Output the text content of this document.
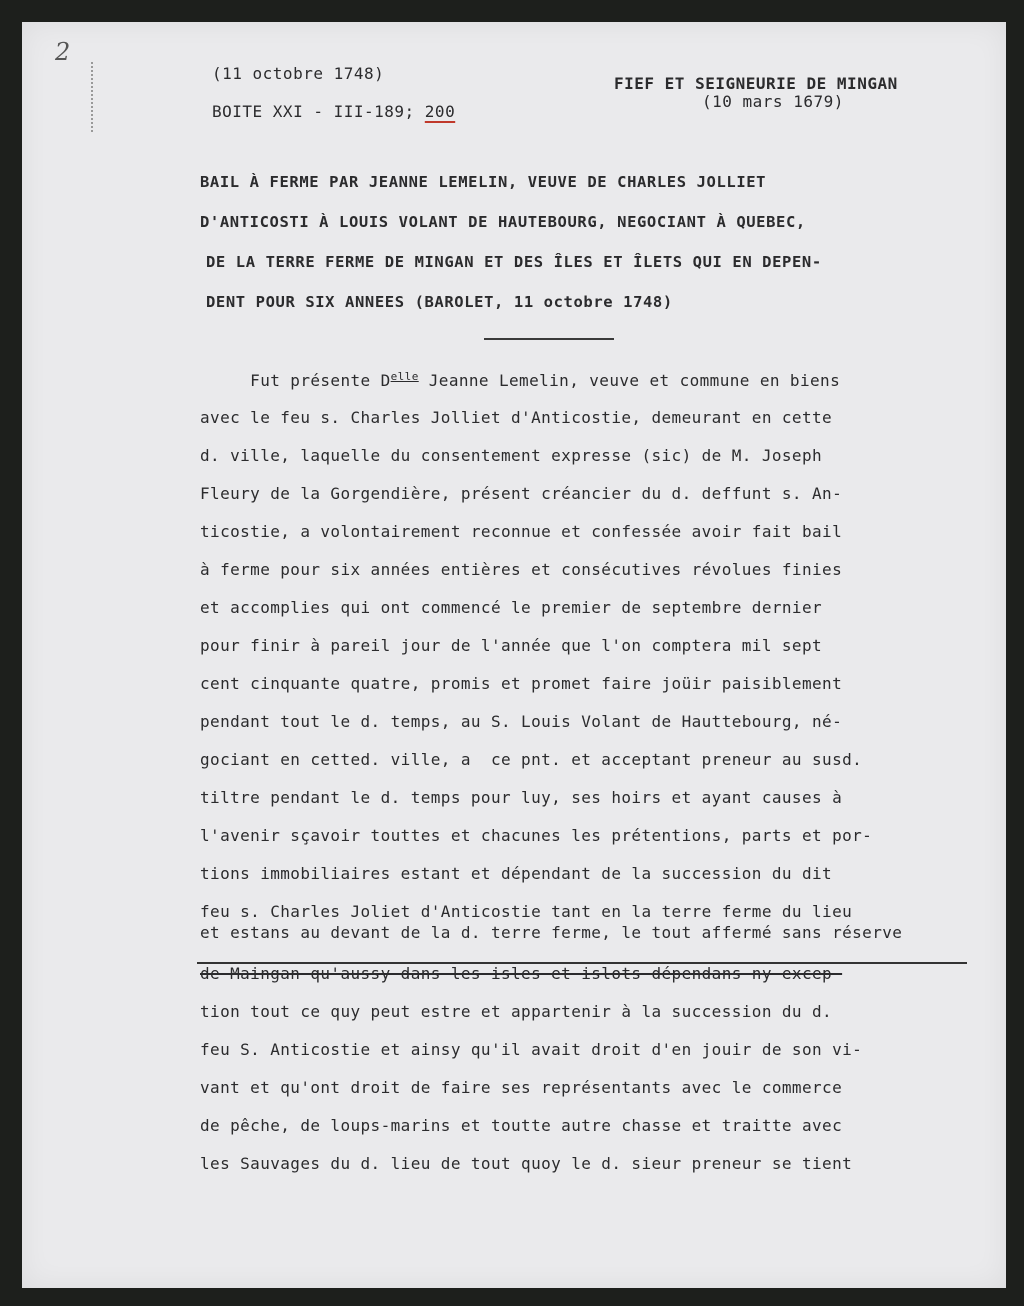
2
(11 octobre 1748)
BOITE XXI - III-189; 200
FIEF ET SEIGNEURIE DE MINGAN
(10 mars 1679)
BAIL À FERME PAR JEANNE LEMELIN, VEUVE DE CHARLES JOLLIET
D'ANTICOSTI À LOUIS VOLANT DE HAUTEBOURG, NEGOCIANT À QUEBEC,
DE LA TERRE FERME DE MINGAN ET DES ÎLES ET ÎLETS QUI EN DEPEN-
DENT POUR SIX ANNEES (BAROLET, 11 octobre 1748)
Fut présente $D^{elle}$ Jeanne Lemelin, veuve et commune en biens
avec le feu s. Charles Jolliet d'Anticostie, demeurant en cette
d. ville, laquelle du consentement expresse (sic) de M. Joseph
Fleury de la Gorgendière, présent créancier du d. deffunt s. An-
ticostie, a volontairement reconnue et confessée avoir fait bail
à ferme pour six années entières et consécutives révolues finies
et accomplies qui ont commencé le premier de septembre dernier
pour finir à pareil jour de l'année que l'on comptera mil sept
cent cinquante quatre, promis et promet faire joüir paisiblement
pendant tout le d. temps, au S. Louis Volant de Hauttebourg, né-
gociant en cetted. ville, a  ce pnt. et acceptant preneur au susd.
tiltre pendant le d. temps pour luy, ses hoirs et ayant causes à
l'avenir sçavoir touttes et chacunes les prétentions, parts et por-
tions immobiliaires estant et dépendant de la succession du dit
feu s. Charles Joliet d'Anticostie tant en la terre ferme du lieu
et estans au devant de la d. terre ferme, le tout affermé sans réserve
de Maingan qu'aussy dans les isles et islots dépendans ny excep-
tion tout ce quy peut estre et appartenir à la succession du d.
feu S. Anticostie et ainsy qu'il avait droit d'en jouir de son vi-
vant et qu'ont droit de faire ses représentants avec le commerce
de pêche, de loups-marins et toutte autre chasse et traitte avec
les Sauvages du d. lieu de tout quoy le d. sieur preneur se tient
